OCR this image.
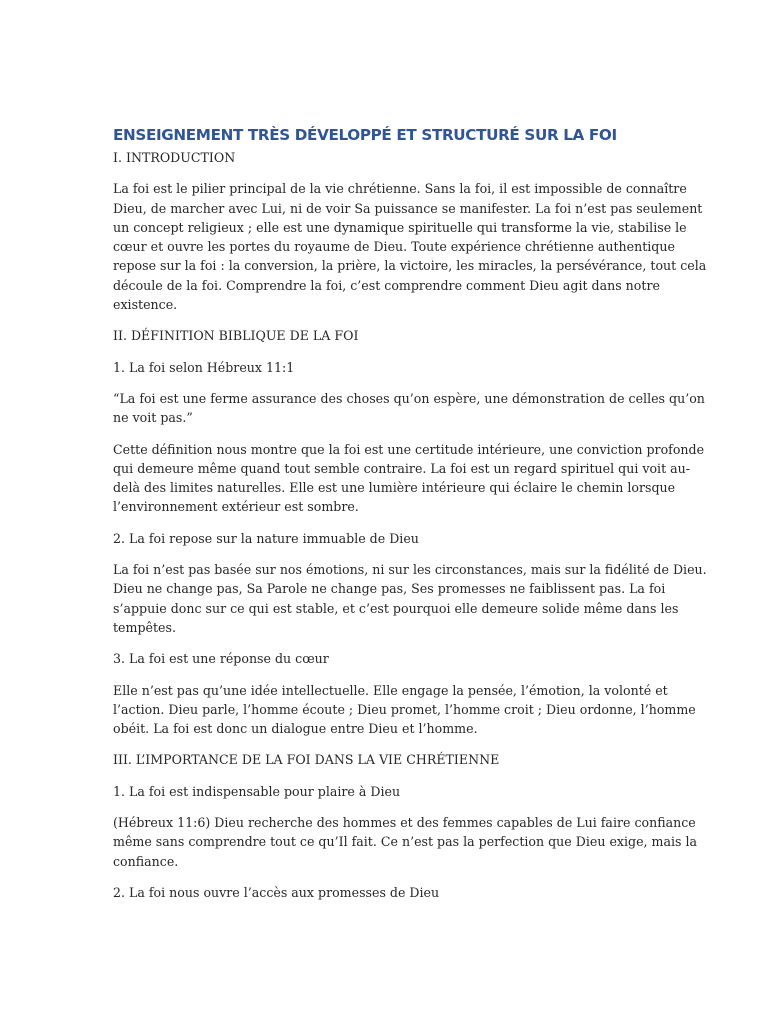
ENSEIGNEMENT TRÈS DÉVELOPPÉ ET STRUCTURÉ SUR LA FOI

I. INTRODUCTION

La foi est le pilier principal de la vie chrétienne. Sans la foi, il est impossible de connaître
Dieu, de marcher avec Lui, ni de voir Sa puissance se manifester. La foi n’est pas seulement
un concept religieux ; elle est une dynamique spirituelle qui transforme la vie, stabilise le
cœur et ouvre les portes du royaume de Dieu. Toute expérience chrétienne authentique
repose sur la foi : la conversion, la prière, la victoire, les miracles, la persévérance, tout cela
découle de la foi. Comprendre la foi, c’est comprendre comment Dieu agit dans notre
existence.

II. DÉFINITION BIBLIQUE DE LA FOI

1. La foi selon Hébreux 11:1

“La foi est une ferme assurance des choses qu’on espère, une démonstration de celles qu’on
ne voit pas.”
Cette définition nous montre que la foi est une certitude intérieure, une conviction profonde
qui demeure même quand tout semble contraire. La foi est un regard spirituel qui voit au-
delà des limites naturelles. Elle est une lumière intérieure qui éclaire le chemin lorsque
l’environnement extérieur est sombre.

2. La foi repose sur la nature immuable de Dieu

La foi n’est pas basée sur nos émotions, ni sur les circonstances, mais sur la fidélité de Dieu.
Dieu ne change pas, Sa Parole ne change pas, Ses promesses ne faiblissent pas. La foi
s’appuie donc sur ce qui est stable, et c’est pourquoi elle demeure solide même dans les
tempêtes.

3. La foi est une réponse du cœur

Elle n’est pas qu’une idée intellectuelle. Elle engage la pensée, l’émotion, la volonté et
l’action. Dieu parle, l’homme écoute ; Dieu promet, l’homme croit ; Dieu ordonne, l’homme
obéit. La foi est donc un dialogue entre Dieu et l’homme.

III. L’IMPORTANCE DE LA FOI DANS LA VIE CHRÉTIENNE

1. La foi est indispensable pour plaire à Dieu

(Hébreux 11:6) Dieu recherche des hommes et des femmes capables de Lui faire confiance
même sans comprendre tout ce qu’Il fait. Ce n’est pas la perfection que Dieu exige, mais la
confiance.

2. La foi nous ouvre l’accès aux promesses de Dieu
